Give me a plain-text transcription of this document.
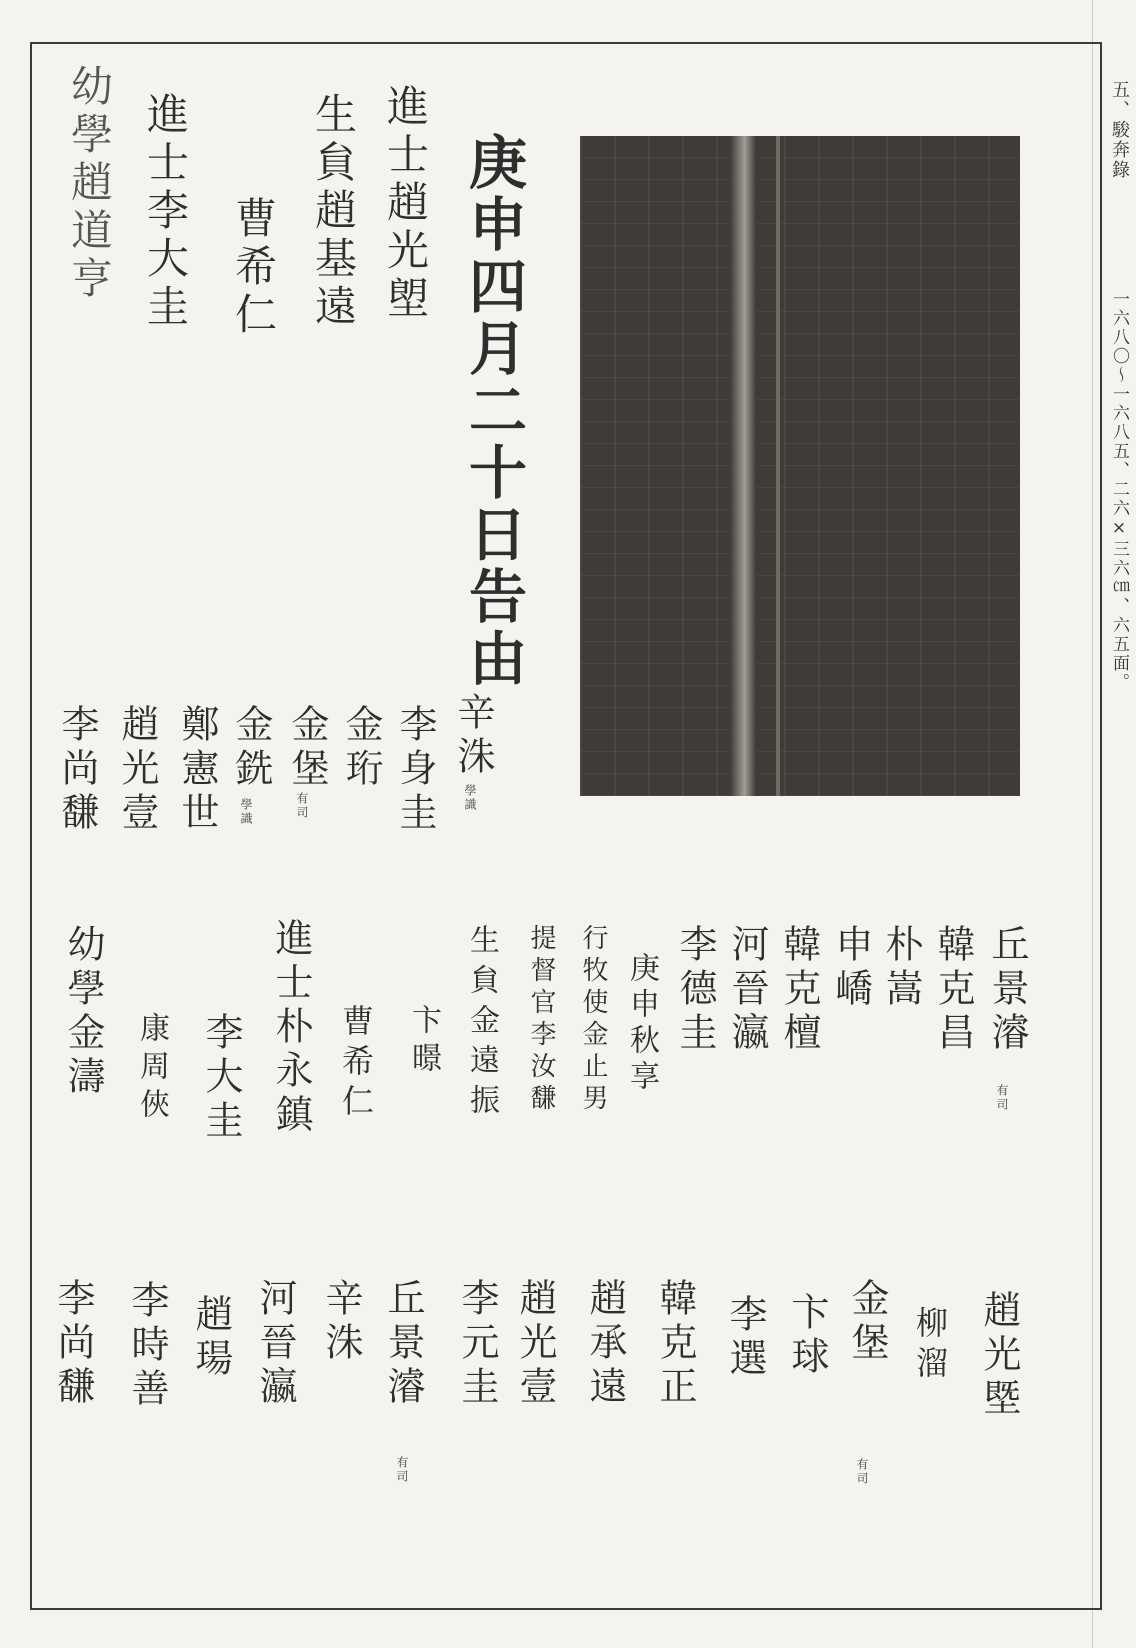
庚申四月二十日告由
進士趙光塱
生貟趙基遠
曹希仁
進士李大圭
幼學趙道亨
辛洙
學識
李身圭
金珩
金堡
有司
金銑
學識
鄭憲世
趙光壹
李尚馦
丘景濬
有司
韓克昌
朴嵩
申嶠
韓克檀
河晉瀛
李德圭
庚申秋享
行牧使金止男
提督官李汝馦
生貟金遠振
卞暻
曹希仁
進士朴永鎮
李大圭
康周俠
幼學金濤
趙光塈
柳溜
金堡
有司
卞球
李選
韓克正
趙承遠
趙光壹
李元圭
丘景濬
有司
辛洙
河晉瀛
趙瑒
李時善
李尚馦
五、駿奔錄
一六八〇～一六八五、二六×三六㎝、六五面。
